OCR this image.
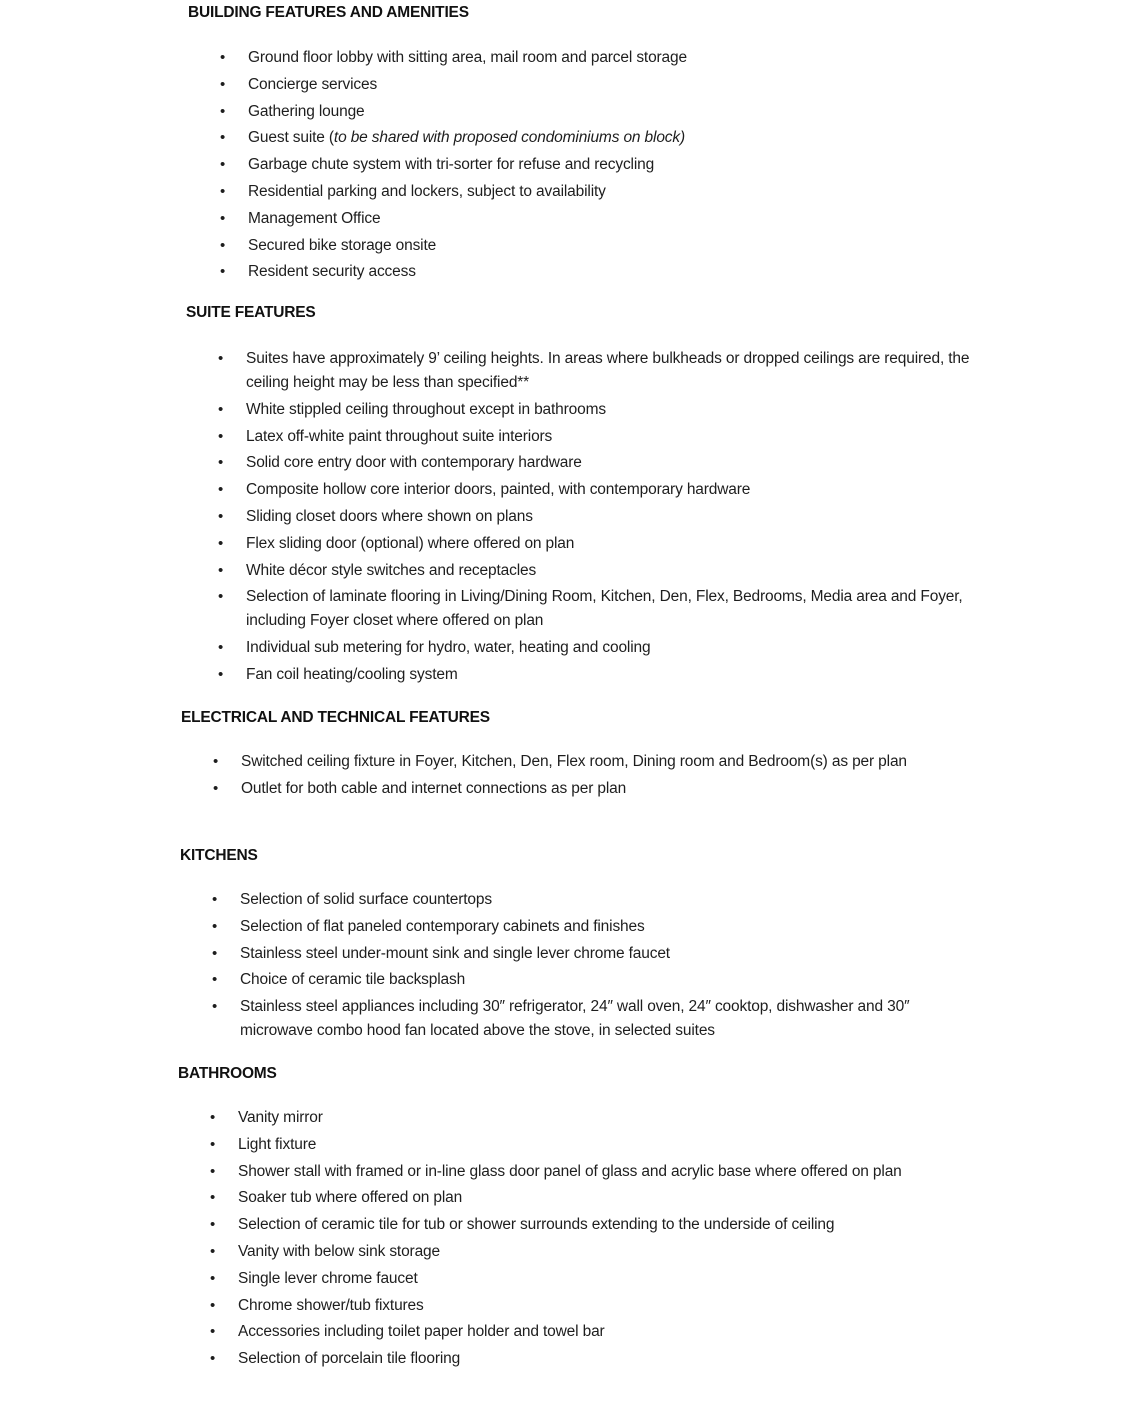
BUILDING FEATURES AND AMENITIES
•	Ground floor lobby with sitting area, mail room and parcel storage
•	Concierge services
•	Gathering lounge
•	Guest suite (to be shared with proposed condominiums on block)
•	Garbage chute system with tri-sorter for refuse and recycling
•	Residential parking and lockers, subject to availability
•	Management Office
•	Secured bike storage onsite
•	Resident security access
SUITE FEATURES
•	Suites have approximately 9’ ceiling heights. In areas where bulkheads or dropped ceilings are required, the ceiling height may be less than specified**
•	White stippled ceiling throughout except in bathrooms
•	Latex off-white paint throughout suite interiors
•	Solid core entry door with contemporary hardware
•	Composite hollow core interior doors, painted, with contemporary hardware
•	Sliding closet doors where shown on plans
•	Flex sliding door (optional) where offered on plan
•	White décor style switches and receptacles
•	Selection of laminate flooring in Living/Dining Room, Kitchen, Den, Flex, Bedrooms, Media area and Foyer, including Foyer closet where offered on plan
•	Individual sub metering for hydro, water, heating and cooling
•	Fan coil heating/cooling system
ELECTRICAL AND TECHNICAL FEATURES
•	Switched ceiling fixture in Foyer, Kitchen, Den, Flex room, Dining room and Bedroom(s) as per plan
•	Outlet for both cable and internet connections as per plan
KITCHENS
•	Selection of solid surface countertops
•	Selection of flat paneled contemporary cabinets and finishes
•	Stainless steel under-mount sink and single lever chrome faucet
•	Choice of ceramic tile backsplash
•	Stainless steel appliances including 30″ refrigerator, 24″ wall oven, 24″ cooktop, dishwasher and 30″ microwave combo hood fan located above the stove, in selected suites
BATHROOMS
•	Vanity mirror
•	Light fixture
•	Shower stall with framed or in-line glass door panel of glass and acrylic base where offered on plan
•	Soaker tub where offered on plan
•	Selection of ceramic tile for tub or shower surrounds extending to the underside of ceiling
•	Vanity with below sink storage
•	Single lever chrome faucet
•	Chrome shower/tub fixtures
•	Accessories including toilet paper holder and towel bar
•	Selection of porcelain tile flooring
